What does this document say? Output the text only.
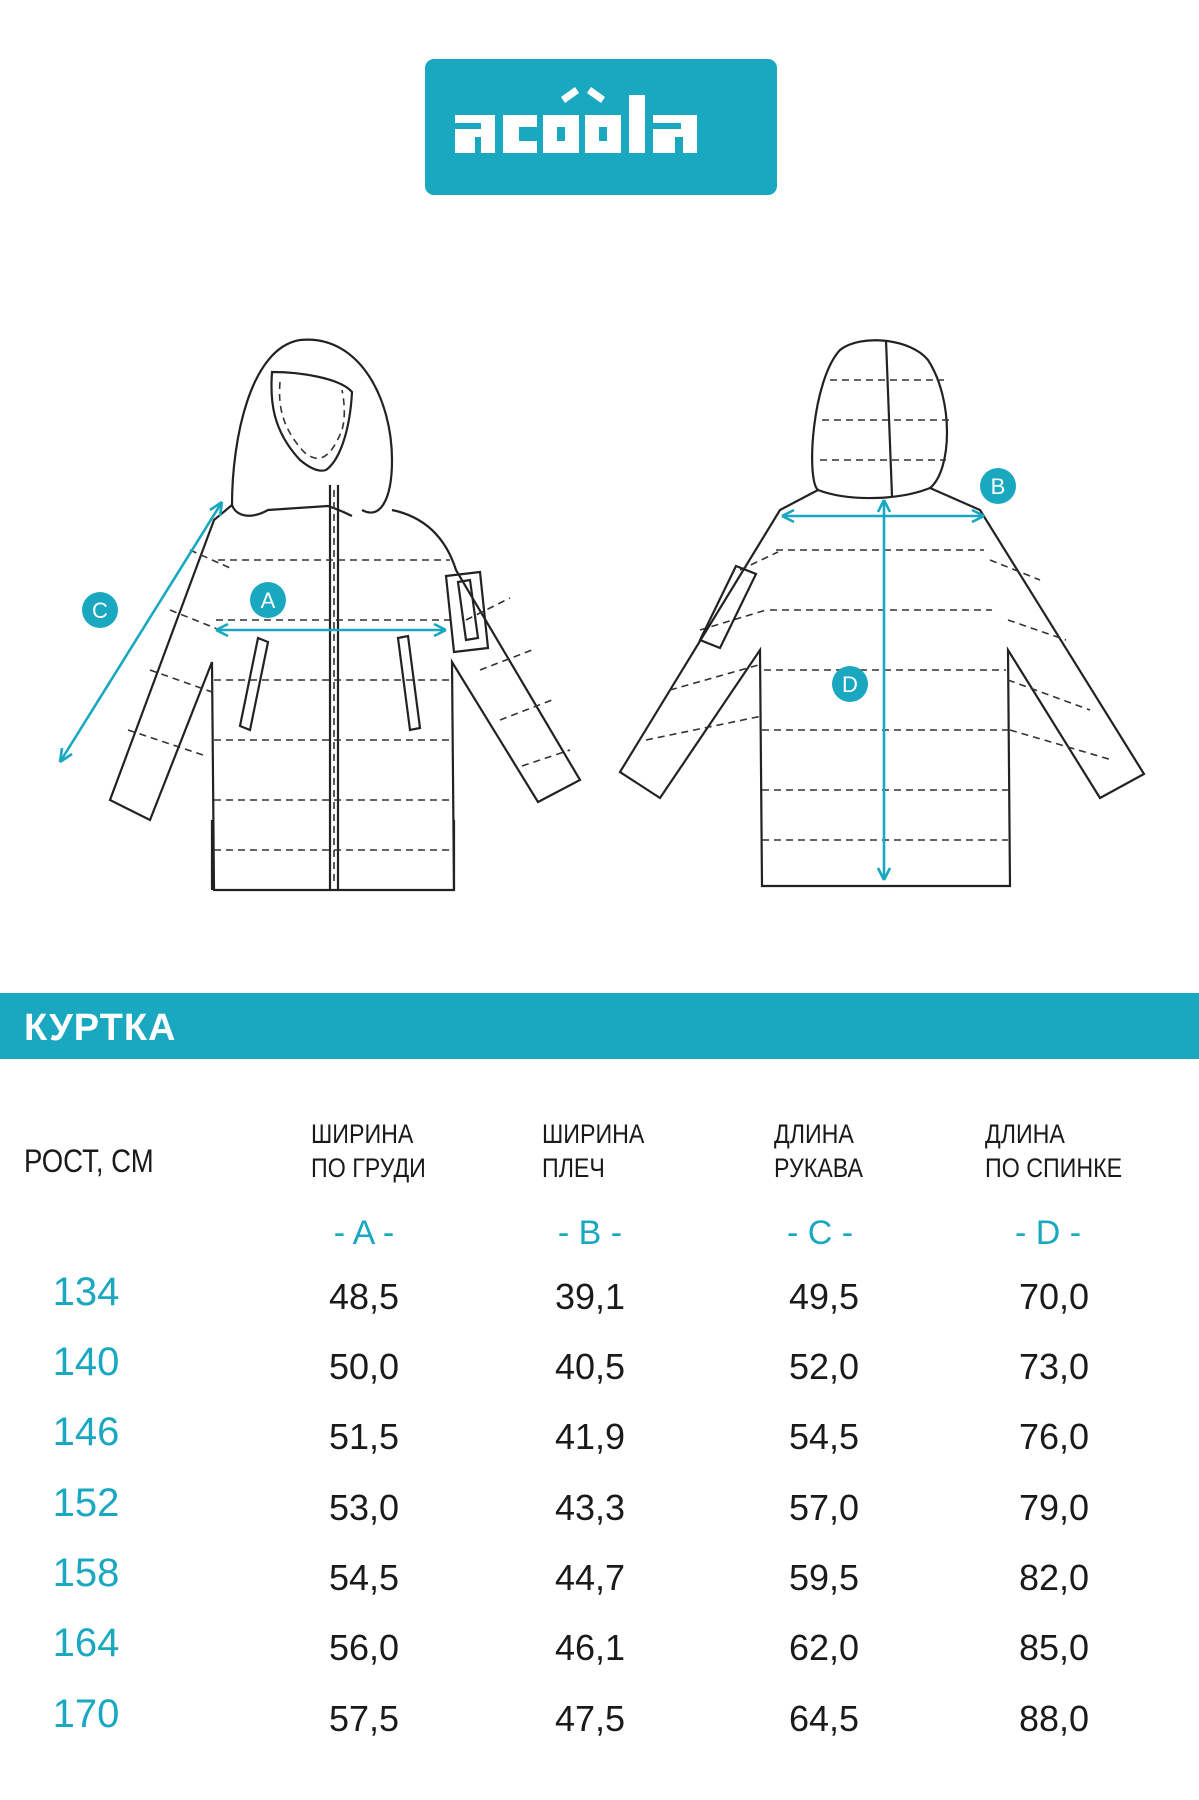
A
C
B
D
КУРТКА
РОСТ, СМ
ШИРИНА
ПО ГРУДИ
ШИРИНА
ПЛЕЧ
ДЛИНА
РУКАВА
ДЛИНА
ПО СПИНКЕ
- A -	- B -	- C -	- D -
134	48,5	39,1	49,5	70,0
140	50,0	40,5	52,0	73,0
146	51,5	41,9	54,5	76,0
152	53,0	43,3	57,0	79,0
158	54,5	44,7	59,5	82,0
164	56,0	46,1	62,0	85,0
170	57,5	47,5	64,5	88,0
